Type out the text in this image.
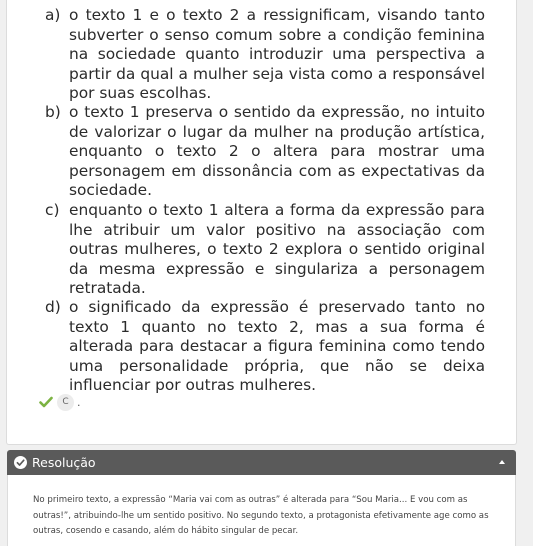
a) o texto 1 e o texto 2 a ressignificam, visando tanto subverter o senso comum sobre a condição feminina na sociedade quanto introduzir uma perspectiva a partir da qual a mulher seja vista como a responsável por suas escolhas.
b) o texto 1 preserva o sentido da expressão, no intuito de valorizar o lugar da mulher na produção artística, enquanto o texto 2 o altera para mostrar uma personagem em dissonância com as expectativas da sociedade.
c) enquanto o texto 1 altera a forma da expressão para lhe atribuir um valor positivo na associação com outras mulheres, o texto 2 explora o sentido original da mesma expressão e singulariza a personagem retratada.
d) o significado da expressão é preservado tanto no texto 1 quanto no texto 2, mas a sua forma é alterada para destacar a figura feminina como tendo uma personalidade própria, que não se deixa influenciar por outras mulheres.
C .
Resolução
No primeiro texto, a expressão “Maria vai com as outras” é alterada para “Sou Maria... E vou com as outras!”, atribuindo-lhe um sentido positivo. No segundo texto, a protagonista efetivamente age como as outras, cosendo e casando, além do hábito singular de pecar.
